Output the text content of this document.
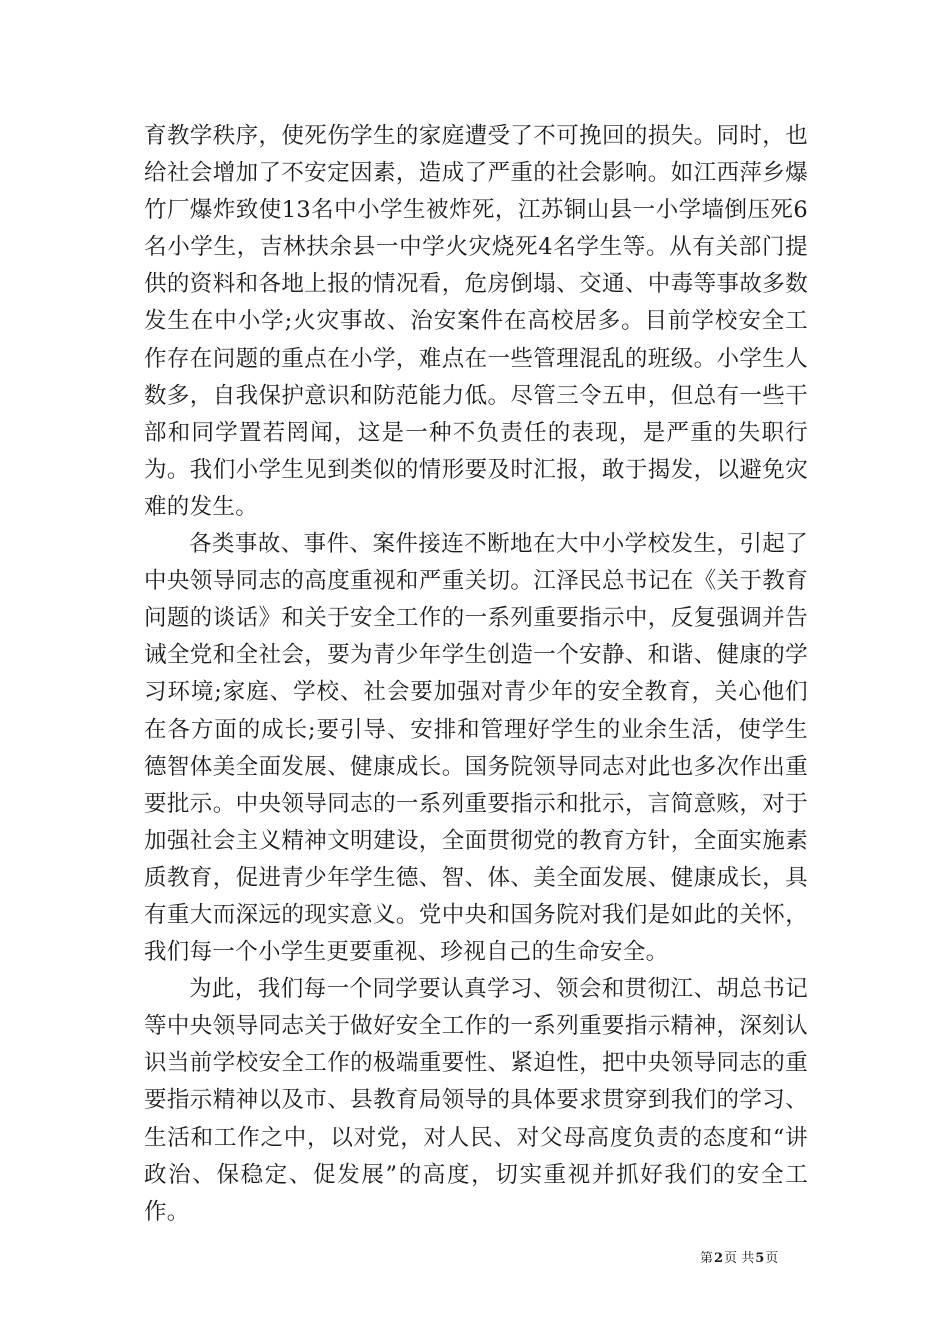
育教学秩序，使死伤学生的家庭遭受了不可挽回的损失。同时，也给社会增加了不安定因素，造成了严重的社会影响。如江西萍乡爆竹厂爆炸致使13名中小学生被炸死，江苏铜山县一小学墙倒压死6名小学生，吉林扶余县一中学火灾烧死4名学生等。从有关部门提供的资料和各地上报的情况看，危房倒塌、交通、中毒等事故多数发生在中小学;火灾事故、治安案件在高校居多。目前学校安全工作存在问题的重点在小学，难点在一些管理混乱的班级。小学生人数多，自我保护意识和防范能力低。尽管三令五申，但总有一些干部和同学置若罔闻，这是一种不负责任的表现，是严重的失职行为。我们小学生见到类似的情形要及时汇报，敢于揭发，以避免灾难的发生。

各类事故、事件、案件接连不断地在大中小学校发生，引起了中央领导同志的高度重视和严重关切。江泽民总书记在《关于教育问题的谈话》和关于安全工作的一系列重要指示中，反复强调并告诫全党和全社会，要为青少年学生创造一个安静、和谐、健康的学习环境;家庭、学校、社会要加强对青少年的安全教育，关心他们在各方面的成长;要引导、安排和管理好学生的业余生活，使学生德智体美全面发展、健康成长。国务院领导同志对此也多次作出重要批示。中央领导同志的一系列重要指示和批示，言简意赅，对于加强社会主义精神文明建设，全面贯彻党的教育方针，全面实施素质教育，促进青少年学生德、智、体、美全面发展、健康成长，具有重大而深远的现实意义。党中央和国务院对我们是如此的关怀，我们每一个小学生更要重视、珍视自己的生命安全。

为此，我们每一个同学要认真学习、领会和贯彻江、胡总书记等中央领导同志关于做好安全工作的一系列重要指示精神，深刻认识当前学校安全工作的极端重要性、紧迫性，把中央领导同志的重要指示精神以及市、县教育局领导的具体要求贯穿到我们的学习、生活和工作之中，以对党，对人民、对父母高度负责的态度和“讲政治、保稳定、促发展”的高度，切实重视并抓好我们的安全工作。

第2页 共5页
